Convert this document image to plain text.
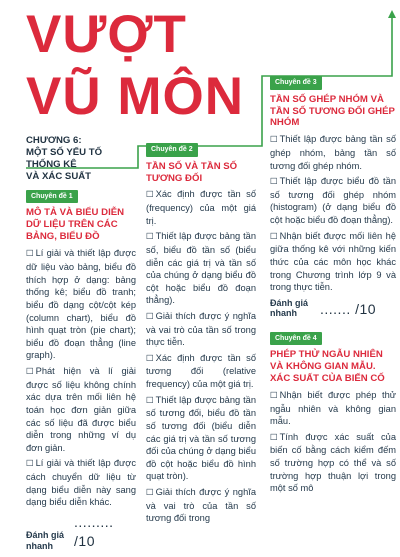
VƯỢT
VŨ MÔN
CHƯƠNG 6:
MỘT SỐ YẾU TỐ THỐNG KÊ
VÀ XÁC SUẤT
Chuyên đề 1
MÔ TẢ VÀ BIỂU DIỄN DỮ LIỆU TRÊN CÁC BẢNG, BIỂU ĐỒ
☐ Lí giải và thiết lập được dữ liệu vào bảng, biểu đồ thích hợp ở dạng: bảng thống kê; biểu đồ tranh; biểu đồ dạng cột/cột kép (column chart), biểu đồ hình quạt tròn (pie chart); biểu đồ đoạn thẳng (line graph).
☐ Phát hiện và lí giải được số liệu không chính xác dựa trên mối liên hệ toán học đơn giản giữa các số liệu đã được biểu diễn trong những ví dụ đơn giản.
☐ Lí giải và thiết lập được cách chuyển dữ liệu từ dạng biểu diễn này sang dạng biểu diễn khác.
Đánh giá nhanh
......... /10
Chuyên đề 2
TẦN SỐ VÀ TẦN SỐ TƯƠNG ĐỐI
☐ Xác định được tần số (frequency) của một giá trị.
☐ Thiết lập được bảng tần số, biểu đồ tần số (biểu diễn các giá trị và tần số của chúng ở dạng biểu đồ cột hoặc biểu đồ đoạn thẳng).
☐ Giải thích được ý nghĩa và vai trò của tần số trong thực tiễn.
☐ Xác định được tần số tương đối (relative frequency) của một giá trị.
☐ Thiết lập được bảng tần số tương đối, biểu đồ tần số tương đối (biểu diễn các giá trị và tần số tương đối của chúng ở dạng biểu đồ cột hoặc biểu đồ hình quạt tròn).
☐ Giải thích được ý nghĩa và vai trò của tần số tương đối trong
Chuyên đề 3
TẦN SỐ GHÉP NHÓM VÀ TẦN SỐ TƯƠNG ĐỐI GHÉP NHÓM
☐ Thiết lập được bảng tần số ghép nhóm, bảng tần số tương đối ghép nhóm.
☐ Thiết lập được biểu đồ tần số tương đối ghép nhóm (histogram) (ở dạng biểu đồ cột hoặc biểu đồ đoạn thẳng).
☐ Nhận biết được mối liên hệ giữa thống kê với những kiến thức của các môn học khác trong Chương trình lớp 9 và trong thực tiễn.
Đánh giá nhanh	....... /10
Chuyên đề 4
PHÉP THỬ NGẪU NHIÊN VÀ KHÔNG GIAN MẪU. XÁC SUẤT CỦA BIẾN CỐ
☐ Nhận biết được phép thử ngẫu nhiên và không gian mẫu.
☐ Tính được xác suất của biến cố bằng cách kiểm đếm số trường hợp có thể và số trường hợp thuận lợi trong một số mô
